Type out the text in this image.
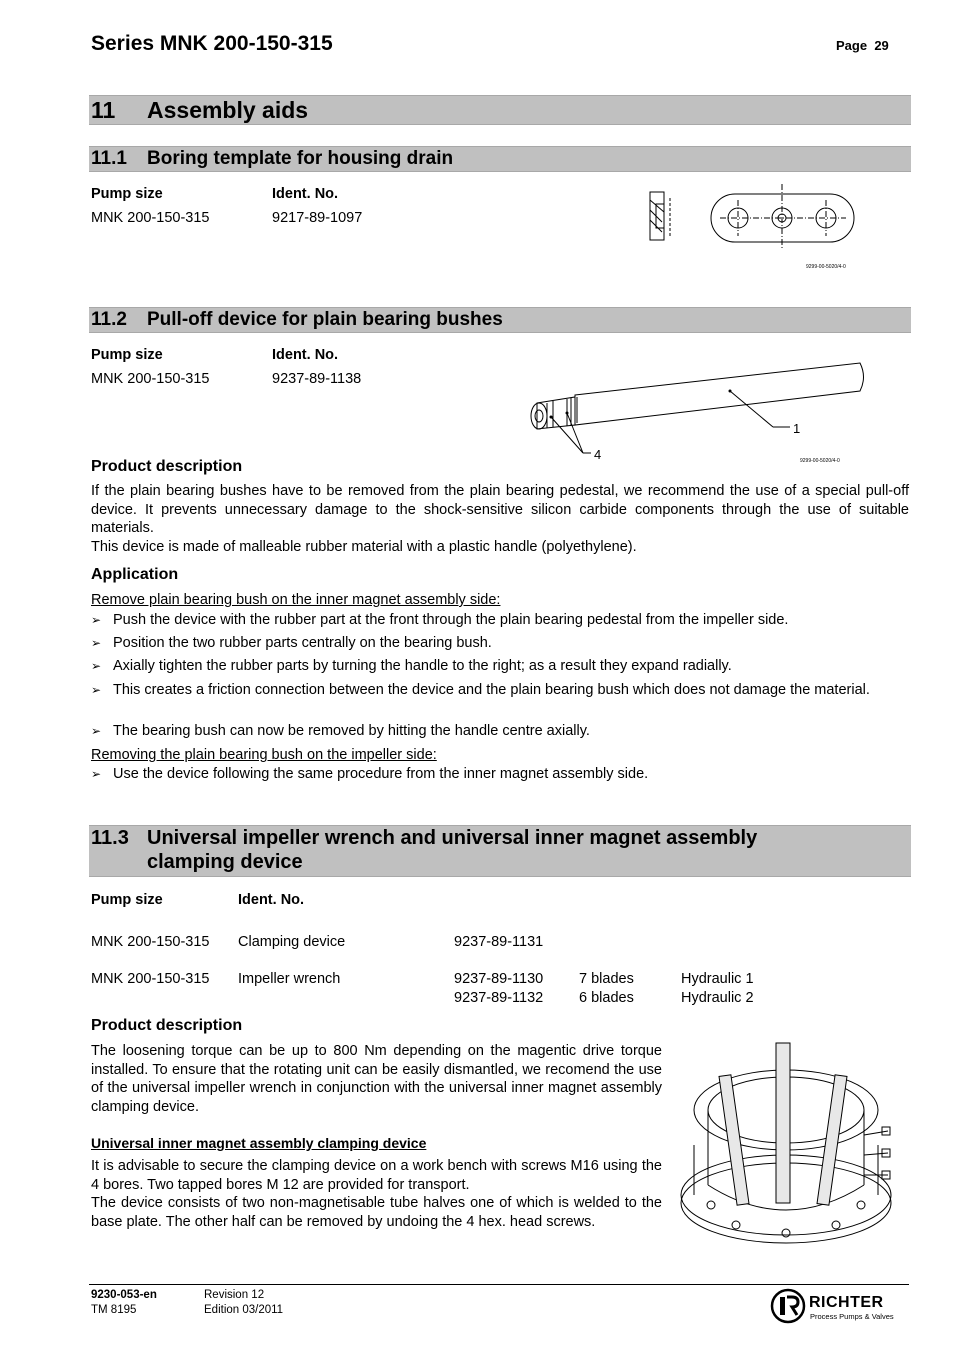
Series MNK 200-150-315	Page 29
11 Assembly aids
11.1 Boring template for housing drain
Pump size	Ident. No.
MNK 200-150-315	9217-89-1097
9299-00-5020/4-0
11.2 Pull-off device for plain bearing bushes
Pump size	Ident. No.
MNK 200-150-315	9237-89-1138
1
4	9299-00-5020/4-0
Product description
If the plain bearing bushes have to be removed from the plain bearing pedestal, we recommend the use of a special pull-off device. It prevents unnecessary damage to the shock-sensitive silicon carbide components through the use of suitable materials.
This device is made of malleable rubber material with a plastic handle (polyethylene).
Application
Remove plain bearing bush on the inner magnet assembly side:
➢ Push the device with the rubber part at the front through the plain bearing pedestal from the impeller side.
➢ Position the two rubber parts centrally on the bearing bush.
➢ Axially tighten the rubber parts by turning the handle to the right; as a result they expand radially.
➢ This creates a friction connection between the device and the plain bearing bush which does not damage the material.
➢ The bearing bush can now be removed by hitting the handle centre axially.
Removing the plain bearing bush on the impeller side:
➢ Use the device following the same procedure from the inner magnet assembly side.
11.3 Universal impeller wrench and universal inner magnet assembly
clamping device
Pump size	Ident. No.
MNK 200-150-315 Clamping device	9237-89-1131
MNK 200-150-315 Impeller wrench	9237-89-1130 7 blades	Hydraulic 1
9237-89-1132 6 blades	Hydraulic 2
Product description
The loosening torque can be up to 800 Nm depending on the magentic drive torque installed. To ensure that the rotating unit can be easily dismantled, we recomend the use of the universal impeller wrench in conjunction with the universal inner magnet assembly clamping device.
Universal inner magnet assembly clamping device
It is advisable to secure the clamping device on a work bench with screws M16 using the 4 bores. Two tapped bores M 12 are provided for transport.
The device consists of two non-magnetisable tube halves one of which is welded to the base plate. The other half can be removed by undoing the 4 hex. head screws.
9230-053-en
TM 8195
Revision 12
Edition 03/2011	RICHTER
Process Pumps & Valves
